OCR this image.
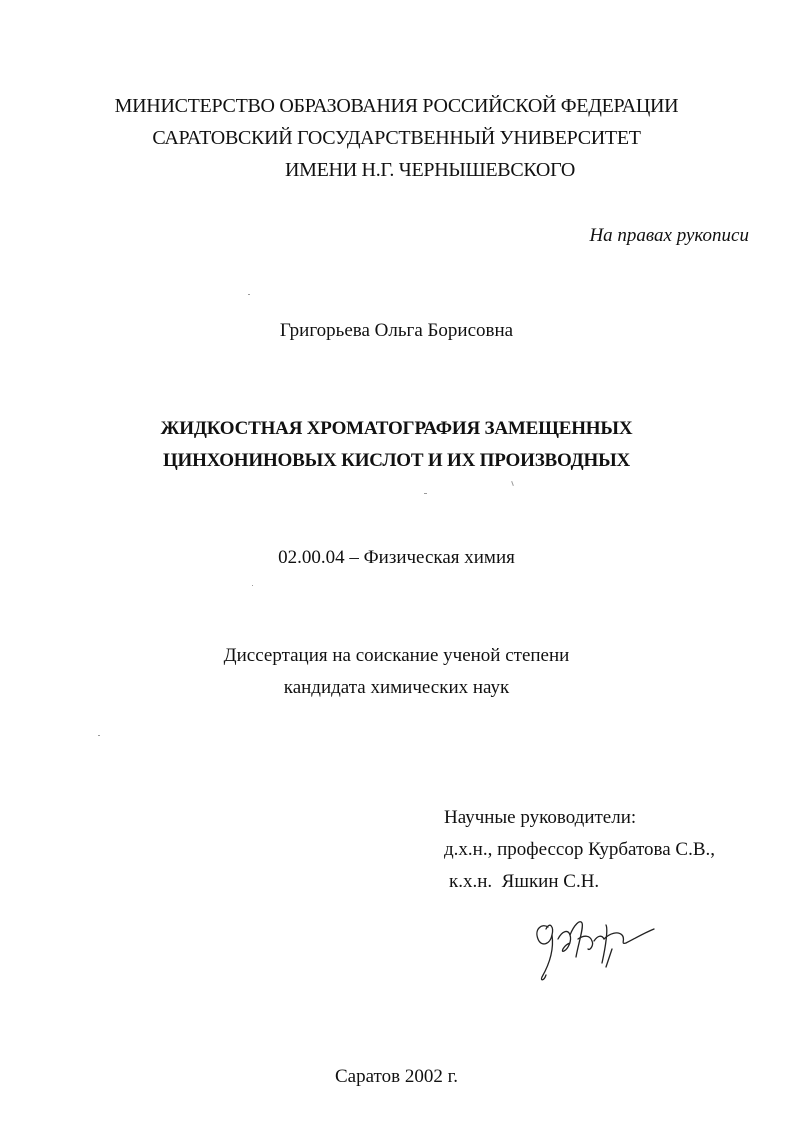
МИНИСТЕРСТВО ОБРАЗОВАНИЯ РОССИЙСКОЙ ФЕДЕРАЦИИ
САРАТОВСКИЙ ГОСУДАРСТВЕННЫЙ УНИВЕРСИТЕТ
ИМЕНИ Н.Г. ЧЕРНЫШЕВСКОГО
На правах рукописи
Григорьева Ольга Борисовна
ЖИДКОСТНАЯ ХРОМАТОГРАФИЯ ЗАМЕЩЕННЫХ
ЦИНХОНИНОВЫХ КИСЛОТ И ИХ ПРОИЗВОДНЫХ
02.00.04 – Физическая химия
Диссертация на соискание ученой степени
кандидата химических наук
Научные руководители:
д.х.н., профессор Курбатова С.В.,
к.х.н.  Яшкин С.Н.
Саратов 2002 г.
